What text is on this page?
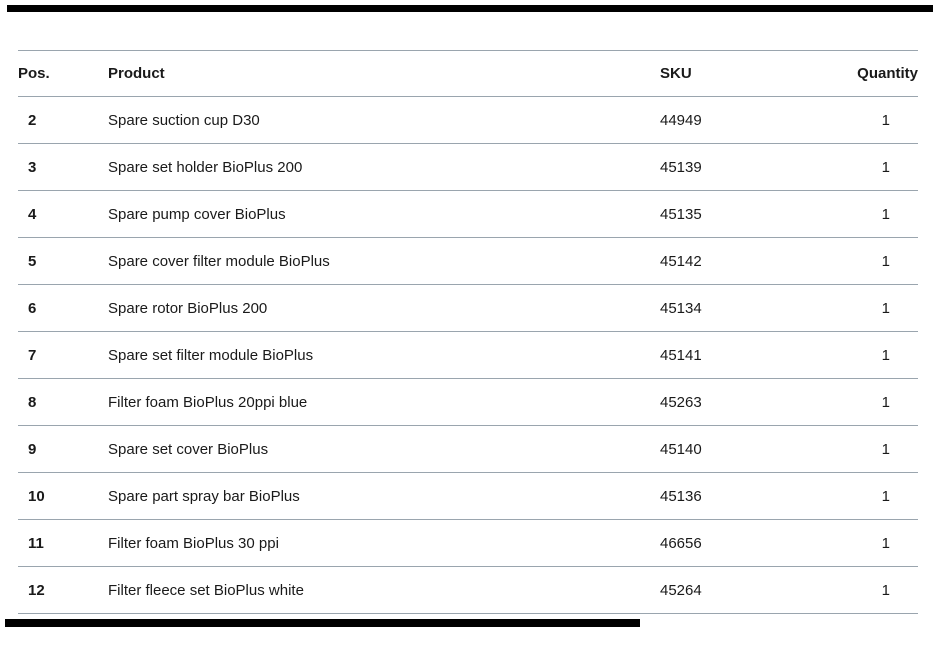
Pos.	Product	SKU	Quantity
2	Spare suction cup D30	44949	1
3	Spare set holder BioPlus 200	45139	1
4	Spare pump cover BioPlus	45135	1
5	Spare cover filter module BioPlus	45142	1
6	Spare rotor BioPlus 200	45134	1
7	Spare set filter module BioPlus	45141	1
8	Filter foam BioPlus 20ppi blue	45263	1
9	Spare set cover BioPlus	45140	1
10	Spare part spray bar BioPlus	45136	1
11	Filter foam BioPlus 30 ppi	46656	1
12	Filter fleece set BioPlus white	45264	1
